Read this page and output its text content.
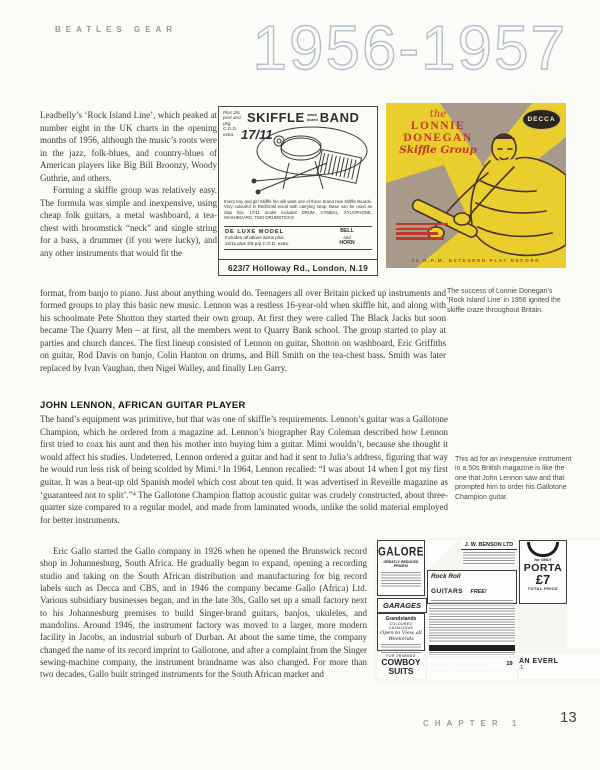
BEATLES GEAR 1956-1957

Leadbelly’s ‘Rock Island Line’, which peaked at number eight in the UK charts in the opening months of 1956, although the music’s roots were in the jazz, folk-blues, and country-blues of American players like Big Bill Broonzy, Woody Guthrie, and others.

Forming a skiffle group was relatively easy. The formula was simple and inexpensive, using cheap folk guitars, a metal washboard, a tea-chest with broomstick “neck” and single string for a bass, a drummer (if you were lucky), and any other instruments that would fit the

Plus 2/6 post and pkg. C.O.D. extra.
SKIFFLE wash
board BAND
17/11

Every boy and girl Skiffle fan will want one of these brand new Skiffle Boards. Very colourful in Red/Gold wood with carrying strap. Base can be used as clap box. 17/11 model includes DRUM, CYMBAL, XYLOPHONE, WASHBOARD, TWO DRUMSTICKS

DE LUXE MODEL
Includes all above items plus
22/11 plus 3/6 p/p C.O.D. extra.
BELL
and
HORN
623/7 Holloway Rd., London, N.19
the
LONNIE
DONEGAN
Skiffle Group
DECCA
45 R.P.M. EXTENDED PLAY RECORD
The success of Lonnie Donegan’s ‘Rock Island Line’ in 1956 ignited the skiffle craze throughout Britain.

format, from banjo to piano. Just about anything would do. Teenagers all over Britain picked up instruments and formed groups to play this basic new music. Lennon was a restless 16-year-old when skiffle hit, and along with his schoolmate Pete Shotton they started their own group. At first they were called The Black Jacks but soon became The Quarry Men – at first, all the members went to Quarry Bank school. The group started to play at parties and church dances. The first lineup consisted of Lennon on guitar, Shotton on washboard, Eric Griffiths on guitar, Rod Davis on banjo, Colin Hanton on drums, and Bill Smith on the tea-chest bass. Smith was later replaced by Ivan Vaughan, then Nigel Walley, and finally Len Garry.

JOHN LENNON, AFRICAN GUITAR PLAYER

The band’s equipment was primitive, but that was one of skiffle’s requirements. Lennon’s guitar was a Gallotone Champion, which he ordered from a magazine ad. Lennon’s biographer Ray Coleman described how Lennon first tried to coax his aunt and then his mother into buying him a guitar. Mimi wouldn’t, because she thought it would affect his studies. Undeterred, Lennon ordered a guitar and had it sent to Julia’s address, figuring that way he would run less risk of being scolded by Mimi.³ In 1964, Lennon recalled: “I was about 14 when I got my first guitar. It was a beat-up old Spanish model which cost about ten quid. It was advertised in Reveille magazine as ‘guaranteed not to split’.”⁴ The Gallotone Champion flattop acoustic guitar was crudely constructed, about three-quarter size compared to a regular model, and made from laminated woods, unlike the solid material employed for better instruments.

This ad for an inexpensive instrument in a 50s British magazine is like the one that John Lennon saw and that prompted him to order his Gallotone Champion guitar.

Eric Gallo started the Gallo company in 1926 when he opened the Brunswick record shop in Johannesburg, South Africa. He gradually began to expand, opening a recording studio and taking on the South African distribution and manufacturing for big record labels such as Decca and CBS, and in 1946 the company became Gallo (Africa) Ltd. Various subsidiary businesses began, and in the late 30s, Gallo set up a small factory next to his Johannesburg premises to build Singer-brand guitars, banjos, ukuleles, and mandolins. Around 1946, the instrument factory was moved to a larger, more modern facility in Jacobs, an industrial suburb of Durban. At about the same time, the company changed the name of its record imprint to Gallotone, and after a complaint from the Singer sewing-machine company, the instrument brandname was also changed. For more than two decades, Gallo built stringed instruments for the South African market and

GALORE
GREATLY REDUCED PRICES!
GARAGES
Grandstands
COLOURED CATALOGUE
Open to View all Weekends
FUR TRIMMED
COWBOY
SUITS
J. W. BENSON LTD
Rock Roll
GUITARS FREE!
STAMP COLLECTING	19
for ONLY
PORTA
£7
TOTAL PRICE
AN EVERL
.1.
CHAPTER 1	13
